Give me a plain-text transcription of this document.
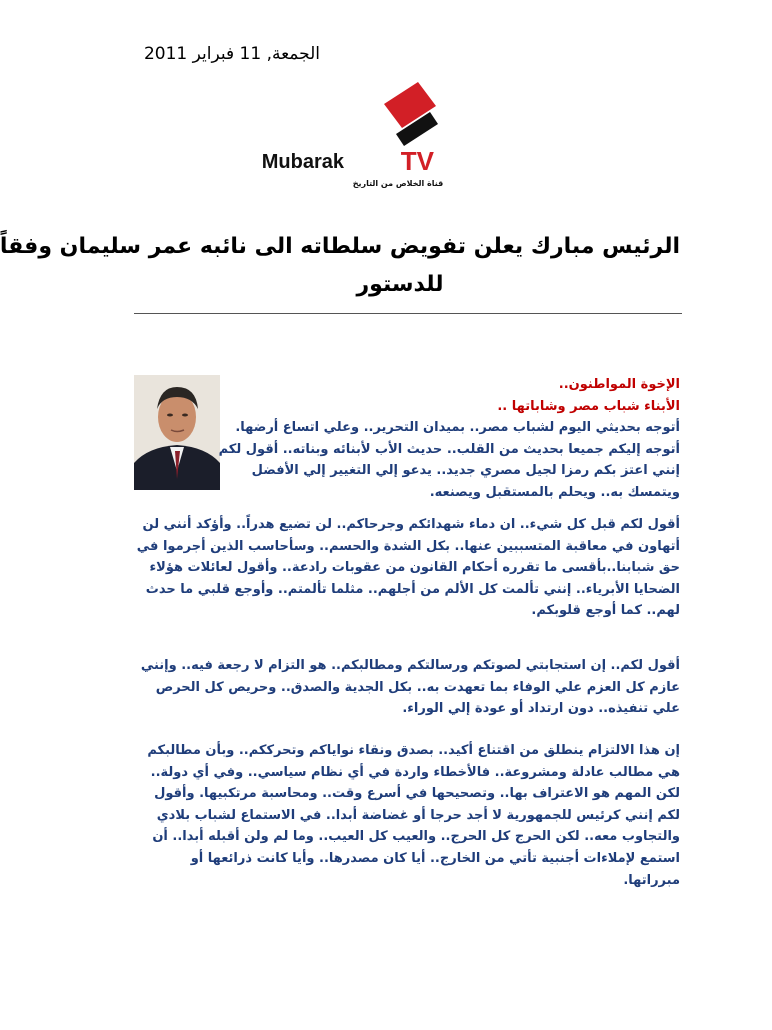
الجمعة, 11 فبراير 2011
Mubarak TV
قناة الخلاص من التاريخ
الرئيس مبارك يعلن تفويض سلطاته الى نائبه عمر سليمان وفقاً
للدستور
الإخوة المواطنون..
الأبناء شباب مصر وشاباتها ..
أتوجه بحديثي اليوم لشباب مصر.. بميدان التحرير.. وعلي اتساع أرضها.
أتوجه إليكم جميعا بحديث من القلب.. حديث الأب لأبنائه وبناته.. أقول لكم
إنني اعتز بكم رمزا لجيل مصري جديد.. يدعو إلي التغيير إلي الأفضل
ويتمسك به.. ويحلم بالمستقبل ويصنعه.
أقول لكم قبل كل شيء.. ان دماء شهدائكم وجرحاكم.. لن تضيع هدراً.. وأؤكد أنني لن
أتهاون في معاقبة المتسببين عنها.. بكل الشدة والحسم.. وسأحاسب الذين أجرموا في
حق شبابنا..بأقسى ما تقرره أحكام القانون من عقوبات رادعة.. وأقول لعائلات هؤلاء
الضحايا الأبرياء.. إنني تألمت كل الألم من أجلهم.. مثلما تألمتم.. وأوجع قلبي ما حدث
لهم.. كما أوجع قلوبكم.
أقول لكم.. إن استجابتي لصوتكم ورسالتكم ومطالبكم.. هو التزام لا رجعة فيه.. وإنني
عازم كل العزم علي الوفاء بما تعهدت به.. بكل الجدية والصدق.. وحريص كل الحرص
علي تنفيذه.. دون ارتداد أو عودة إلي الوراء.
إن هذا الالتزام ينطلق من اقتناع أكيد.. بصدق ونقاء نواياكم وتحرككم.. وبأن مطالبكم
هي مطالب عادلة ومشروعة.. فالأخطاء واردة في أي نظام سياسي.. وفي أي دولة..
لكن المهم هو الاعتراف بها.. وتصحيحها في أسرع وقت.. ومحاسبة مرتكبيها. وأقول
لكم إنني كرئيس للجمهورية لا أجد حرجا أو غضاضة أبدا.. في الاستماع لشباب بلادي
والتجاوب معه.. لكن الحرج كل الحرج.. والعيب كل العيب.. وما لم ولن أقبله أبدا.. أن
استمع لإملاءات أجنبية تأتي من الخارج.. أيا كان مصدرها.. وأيا كانت ذرائعها أو
مبرراتها.
